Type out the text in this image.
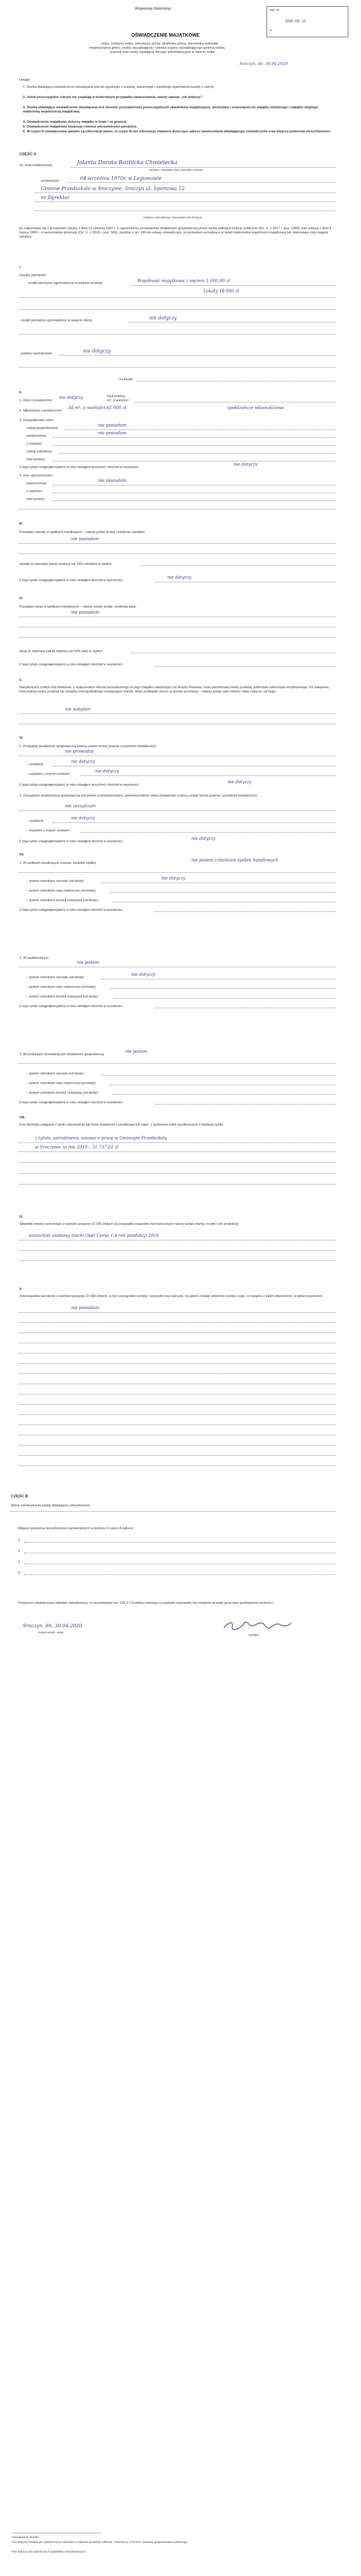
Wojewoda Gdańskiej	Wpł. do
2020 -05- 12
nr
OŚWIADCZENIE MAJĄTKOWE
wójta, zastępcy wójta, sekretarza gminy, skarbnika gminy, kierownika jednostki
organizacyjnej gminy, osoby zarządzającej i członka organu zarządzającego gminną osobą
prawną oraz osoby wydającej decyzje administracyjne w imieniu wójta
Sroczyn, dn. 30.04.2020
Uwaga:
1. Osoba składająca oświadczenie obowiązana jest do zgodnego z prawdą, starannego i zupełnego wypełnienia każdej z rubryk.
2. Jeżeli poszczególne rubryki nie znajdują w konkretnym przypadku zastosowania, należy wpisać „nie dotyczy".
3. Osoba składająca oświadczenie obowiązana jest określić przynależność poszczególnych składników majątkowych, dochodów i zobowiązań do majątku odrębnego i majątku objętego małżeńską wspólnością majątkową.
4. Oświadczenie majątkowe dotyczy majątku w kraju i za granicą.
5. Oświadczenie majątkowe obejmuje również wierzytelności pieniężne.
6. W części A oświadczenia zawarte są informacje jawne, w części B zaś informacje niejawne dotyczące adresu zamieszkania składającego oświadczenie oraz miejsca położenia nieruchomości.
CZĘŚĆ A
Ja, niżej podpisany(a),	Jolanta Dorota Rozbicka Chmielecka
(imiona i nazwisko oraz nazwisko rodowe)
urodzony(a)	04 września 1970r. w Legionowie
Gminne Przedszkole w Sroczynie, Sroczyn ul. Sportowa 12
nr Dyrektor
(miejsce zatrudnienia, stanowisko lub funkcja)
po zapoznaniu się z przepisami ustawy z dnia 21 sierpnia 1997 r. o ograniczeniu prowadzenia działalności gospodarczej przez osoby pełniące funkcje publiczne (Dz. U. z 2017 r. poz. 1393) oraz ustawy z dnia 8 marca 1990 r. o samorządzie gminnym (Dz. U. z 2019 r. poz. 506), zgodnie z art. 24h tej ustawy oświadczam, że posiadam wchodzące w skład małżeńskiej wspólności majątkowej lub stanowiące mój majątek odrębny:
I.
Zasoby pieniężne:
- środki pieniężne zgromadzone w walucie polskiej:	Wspólność majątkowa z mężem 1 000,00 zł
Lokaty 18 000 zł
- środki pieniężne zgromadzone w walucie obcej:	nie dotyczy
- papiery wartościowe:	nie dotyczy
na kwotę:
II.
1. Dom o powierzchni:
nie dotyczy
m², o wartości:
tytuł prawny:
2. Mieszkanie o powierzchni:
34 m², o wartości 65 000 zł	spółdzielcze własnościowe
3. Gospodarstwo rolne:
rodzaj gospodarstwa:
nie posiadam
powierzchnia:
nie posiadam
o wartości:
rodzaj zabudowy:
tytuł prawny:
Z tego tytułu osiągnąłem(ęłam) w roku ubiegłym przychód i dochód w wysokości:
nie dotyczy
4. Inne nieruchomości:
powierzchnia:
nie posiadam
o wartości:
tytuł prawny:
III.
Posiadam udziały w spółkach handlowych – należy podać liczbę i emitenta udziałów:
nie posiadam
udziały te stanowią pakiet większy niż 10% udziałów w spółce:
Z tego tytułu osiągnąłem(ęłam) w roku ubiegłym dochód w wysokości:
nie dotyczy
IV.
Posiadam akcje w spółkach handlowych – należy podać liczbę i emitenta akcji:
nie posiadam
akcje te stanowią pakiet większy niż 10% akcji w spółce:
Z tego tytułu osiągnąłem(ęłam) w roku ubiegłym dochód w wysokości:
V.
Nabyłem(am) (nabył mój małżonek, z wyłączeniem mienia przynależnego do jego majątku odrębnego) od Skarbu Państwa, innej państwowej osoby prawnej, jednostek samorządu terytorialnego, ich związków, komunalnej osoby prawnej lub związku metropolitalnego następujące mienie, które podlegało zbyciu w drodze przetargu – należy podać opis mienia i datę nabycia, od kogo:
nie nabyłam
VI.
1. Prowadzę działalność gospodarczą (należy podać formę prawną i przedmiot działalności):
nie prowadzę
– osobiście
nie dotyczy
– wspólnie z innymi osobami
nie dotyczy
Z tego tytułu osiągnąłem(ęłam) w roku ubiegłym przychód i dochód w wysokości:
nie dotyczy
2. Zarządzam działalnością gospodarczą lub jestem przedstawicielem, pełnomocnikiem takiej działalności (należy podać formę prawną i przedmiot działalności):
nie zarządzam
– osobiście
nie dotyczy
– wspólnie z innymi osobami
Z tego tytułu osiągnąłem(ęłam) w roku ubiegłym dochód w wysokości:
nie dotyczy
VII.
1. W spółkach handlowych (nazwa, siedziba spółki):
nie jestem członkiem spółek handlowych
– jestem członkiem zarządu (od kiedy):
nie dotyczy
– jestem członkiem rady nadzorczej (od kiedy):
– jestem członkiem komisji rewizyjnej (od kiedy):
Z tego tytułu osiągnąłem(ęłam) w roku ubiegłym dochód w wysokości:
2. W spółdzielniach:
nie jestem
– jestem członkiem zarządu (od kiedy):
nie dotyczy
– jestem członkiem rady nadzorczej (od kiedy):
– jestem członkiem komisji rewizyjnej (od kiedy):
Z tego tytułu osiągnąłem(ęłam) w roku ubiegłym dochód w wysokości:
3. W fundacjach prowadzących działalność gospodarczą:
nie jestem
– jestem członkiem zarządu (od kiedy):
– jestem członkiem rady nadzorczej (od kiedy):
– jestem członkiem komisji rewizyjnej (od kiedy):
Z tego tytułu osiągnąłem(ęłam) w roku ubiegłym dochód w wysokości:
VIII.
Inne dochody osiągane z tytułu zatrudnienia lub innej działalności zarobkowej lub zajęć, z podaniem kwot uzyskiwanych z każdego tytułu:
z tytułu zatrudnienia umowa o pracę w Gminnym Przedszkolu
w Sroczynie za rok 2019 – 31 737,62 zł
IX.
Składniki mienia ruchomego o wartości powyżej 10 000 złotych (w przypadku pojazdów mechanicznych należy podać markę, model i rok produkcji):
samochód osobowy marki Opel Corsa 1.4 rok produkcji 2016
X.
Zobowiązania pieniężne o wartości powyżej 10 000 złotych, w tym zaciągnięte kredyty i pożyczki oraz warunki, na jakich zostały udzielone (wobec kogo, w związku z jakim zdarzeniem, w jakiej wysokości):
nie posiadam
CZĘŚĆ B
Adres zamieszkania osoby składającej oświadczenie:
Miejsce położenia nieruchomości wymienionych w punkcie II części A (adres):
1.
2.
3.
4.
Powyższe oświadczenie składam świadomy(a), iż na podstawie art. 233 § 1 Kodeksu karnego za podanie nieprawdy lub zatajenie prawdy grozi kara pozbawienia wolności.
Sroczyn, dn. 30.04.2020
(miejscowość, data)
(podpis)
¹ Niewłaściwe skreślić.
² Nie dotyczy działalności wytwórczej w rolnictwie w zakresie produkcji roślinnej i zwierzęcej, w formie i zakresie gospodarstwa rodzinnego.
³ Nie dotyczy rad nadzorczych spółdzielni mieszkaniowych.
